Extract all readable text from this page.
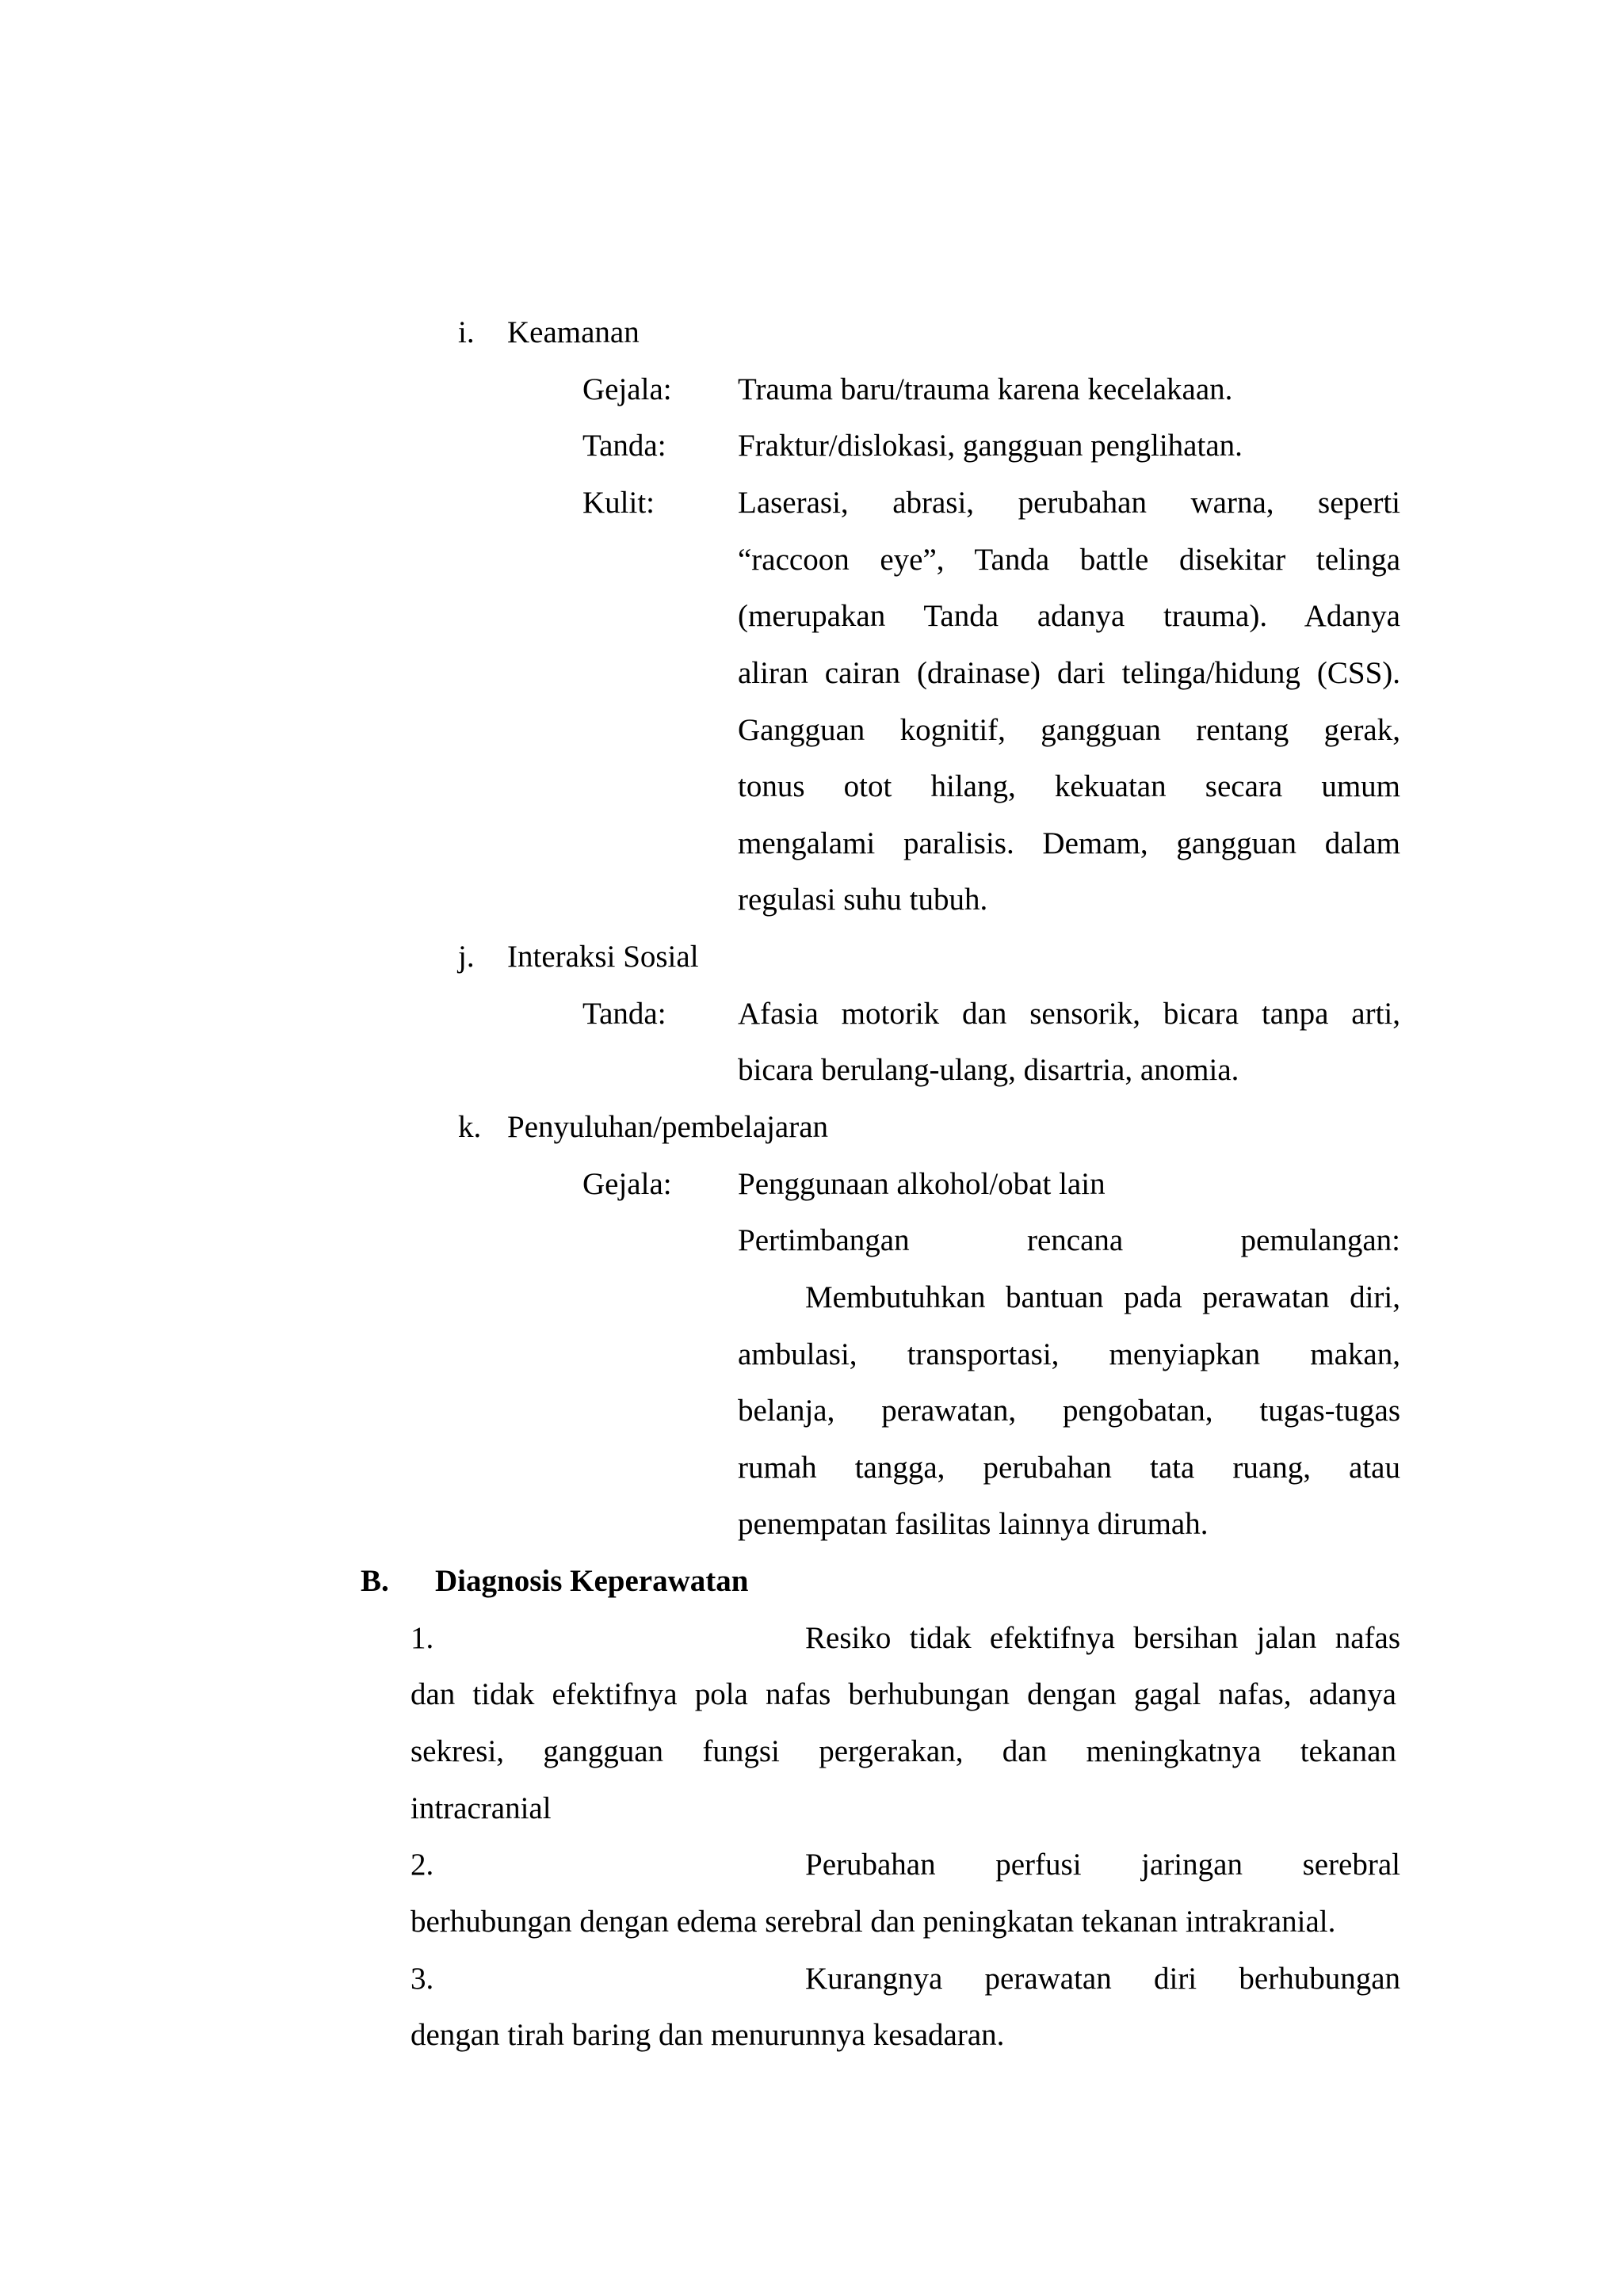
i. Keamanan
Gejala: Trauma baru/trauma karena kecelakaan.
Tanda: Fraktur/dislokasi, gangguan penglihatan.
Kulit:	Laserasi, abrasi, perubahan warna, seperti
“raccoon eye”, Tanda battle disekitar telinga
(merupakan Tanda adanya trauma). Adanya
aliran cairan (drainase) dari telinga/hidung (CSS).
Gangguan kognitif, gangguan rentang gerak,
tonus otot hilang, kekuatan secara umum
mengalami paralisis. Demam, gangguan dalam
regulasi suhu tubuh.
j. Interaksi Sosial
Tanda: Afasia motorik dan sensorik, bicara tanpa arti,
bicara berulang-ulang, disartria, anomia.
k. Penyuluhan/pembelajaran
Gejala: Penggunaan alkohol/obat lain
Pertimbangan	rencana	pemulangan:
Membutuhkan bantuan pada perawatan diri,
ambulasi, transportasi, menyiapkan makan,
belanja, perawatan, pengobatan, tugas-tugas
rumah tangga, perubahan tata ruang, atau
penempatan fasilitas lainnya dirumah.
B. Diagnosis Keperawatan
1.	Resiko tidak efektifnya bersihan jalan nafas
dan tidak efektifnya pola nafas berhubungan dengan gagal nafas, adanya
sekresi, gangguan fungsi pergerakan, dan meningkatnya tekanan
intracranial
2.	Perubahan perfusi jaringan serebral
berhubungan dengan edema serebral dan peningkatan tekanan intrakranial.
3.	Kurangnya perawatan diri berhubungan
dengan tirah baring dan menurunnya kesadaran.
